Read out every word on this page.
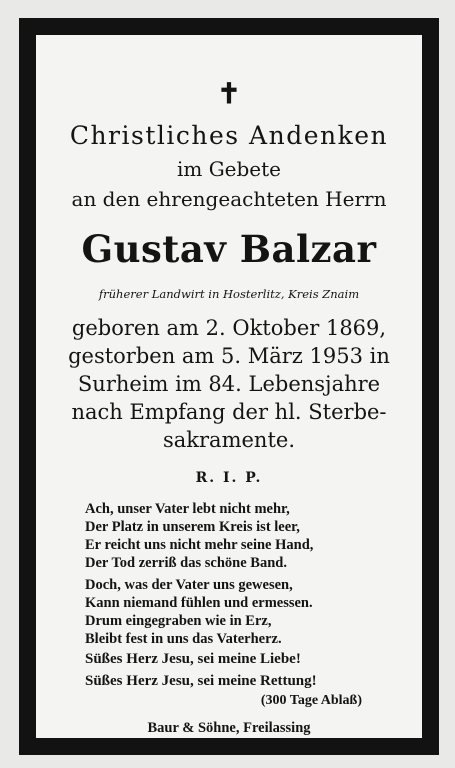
✝
Christliches Andenken
im Gebete
an den ehrengeachteten Herrn
Gustav Balzar
früherer Landwirt in Hosterlitz, Kreis Znaim
geboren am 2. Oktober 1869,
gestorben am 5. März 1953 in
Surheim im 84. Lebensjahre
nach Empfang der hl. Sterbe-
sakramente.
R. I. P.
Ach, unser Vater lebt nicht mehr,
Der Platz in unserem Kreis ist leer,
Er reicht uns nicht mehr seine Hand,
Der Tod zerriß das schöne Band.
Doch, was der Vater uns gewesen,
Kann niemand fühlen und ermessen.
Drum eingegraben wie in Erz,
Bleibt fest in uns das Vaterherz.
Süßes Herz Jesu, sei meine Liebe!
Süßes Herz Jesu, sei meine Rettung!
(300 Tage Ablaß)
Baur & Söhne, Freilassing
